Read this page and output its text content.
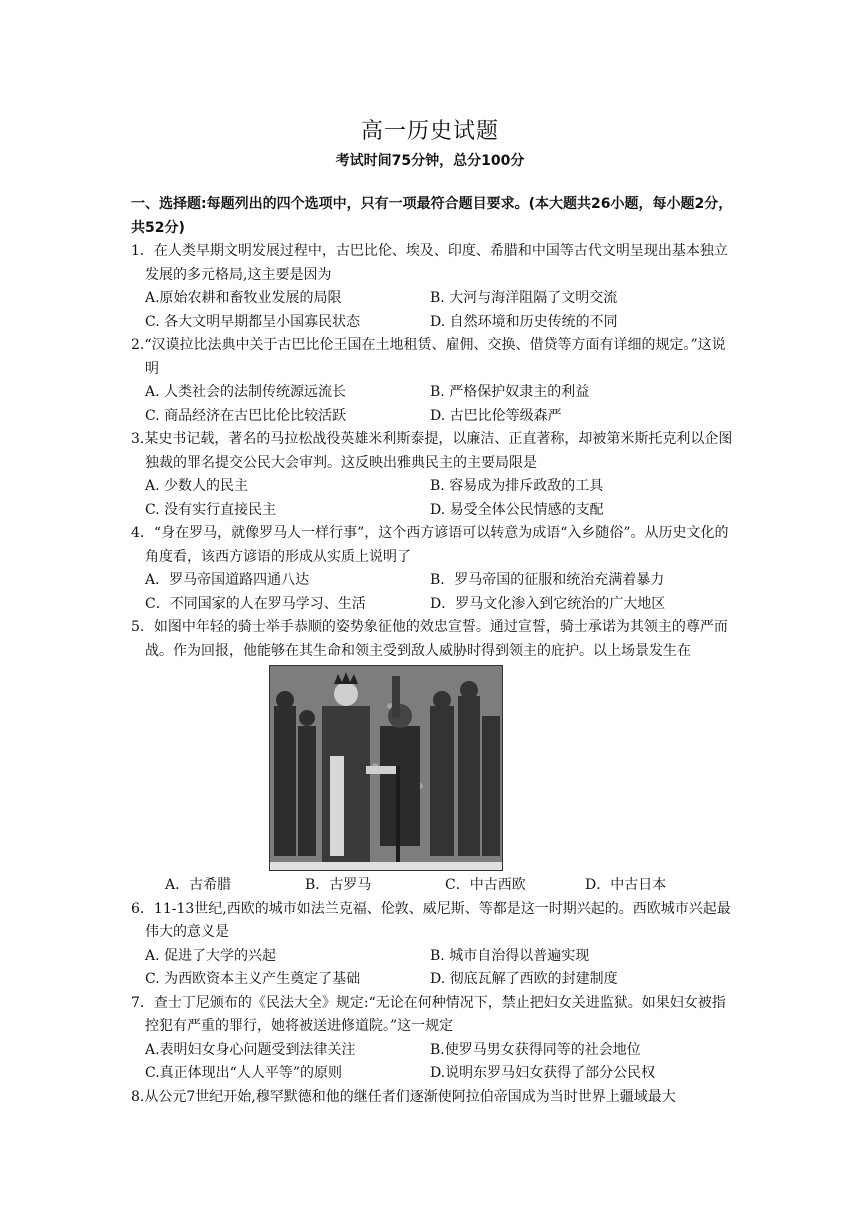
高一历史试题
考试时间75分钟，总分100分
一、选择题:每题列出的四个选项中，只有一项最符合题目要求。(本大题共26小题，每小题2分，共52分)
1．在人类早期文明发展过程中，古巴比伦、埃及、印度、希腊和中国等古代文明呈现出基本独立发展的多元格局,这主要是因为
A.原始农耕和畜牧业发展的局限	B. 大河与海洋阻隔了文明交流
C. 各大文明早期都呈小国寡民状态	D. 自然环境和历史传统的不同
2.“汉谟拉比法典中关于古巴比伦王国在土地租赁、雇佣、交换、借贷等方面有详细的规定。”这说明
A. 人类社会的法制传统源远流长	B. 严格保护奴隶主的利益
C. 商品经济在古巴比伦比较活跃	D. 古巴比伦等级森严
3.某史书记载，著名的马拉松战役英雄米利斯泰提，以廉洁、正直著称，却被第米斯托克利以企图独裁的罪名提交公民大会审判。这反映出雅典民主的主要局限是
A. 少数人的民主	B. 容易成为排斥政敌的工具
C. 没有实行直接民主	D. 易受全体公民情感的支配
4．“身在罗马，就像罗马人一样行事”，这个西方谚语可以转意为成语“入乡随俗”。从历史文化的角度看，该西方谚语的形成从实质上说明了
A．罗马帝国道路四通八达	B．罗马帝国的征服和统治充满着暴力
C．不同国家的人在罗马学习、生活	D．罗马文化渗入到它统治的广大地区
5．如图中年轻的骑士举手恭顺的姿势象征他的效忠宣誓。通过宣誓，骑士承诺为其领主的尊严而战。作为回报，他能够在其生命和领主受到敌人威胁时得到领主的庇护。以上场景发生在
A．古希腊	B．古罗马	C．中古西欧	D．中古日本
6．11-13世纪,西欧的城市如法兰克福、伦敦、威尼斯、等都是这一时期兴起的。西欧城市兴起最伟大的意义是
A. 促进了大学的兴起	B. 城市自治得以普遍实现
C. 为西欧资本主义产生奠定了基础	D. 彻底瓦解了西欧的封建制度
7．查士丁尼颁布的《民法大全》规定:“无论在何种情况下，禁止把妇女关进监狱。如果妇女被指控犯有严重的罪行，她将被送进修道院。”这一规定
A.表明妇女身心问题受到法律关注	B.使罗马男女获得同等的社会地位
C.真正体现出“人人平等”的原则	D.说明东罗马妇女获得了部分公民权
8.从公元7世纪开始,穆罕默德和他的继任者们逐渐使阿拉伯帝国成为当时世界上疆域最大
